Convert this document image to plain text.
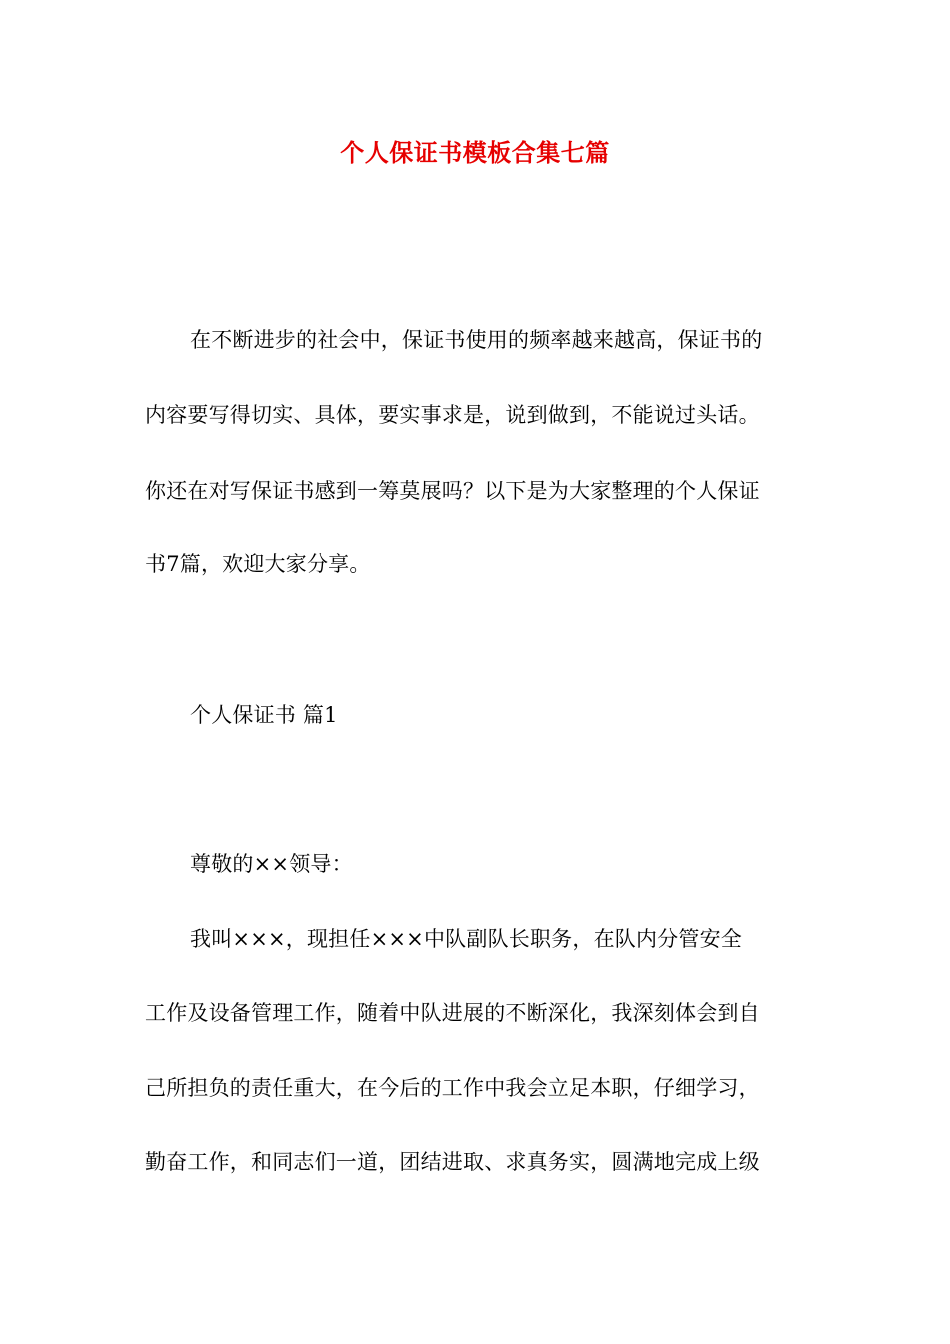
个人保证书模板合集七篇
在不断进步的社会中，保证书使用的频率越来越高，保证书的
内容要写得切实、具体，要实事求是，说到做到，不能说过头话。
你还在对写保证书感到一筹莫展吗？以下是为大家整理的个人保证
书7篇，欢迎大家分享。
个人保证书 篇1
尊敬的××领导：
我叫×××，现担任×××中队副队长职务，在队内分管安全
工作及设备管理工作，随着中队进展的不断深化，我深刻体会到自
己所担负的责任重大，在今后的工作中我会立足本职，仔细学习，
勤奋工作，和同志们一道，团结进取、求真务实，圆满地完成上级
